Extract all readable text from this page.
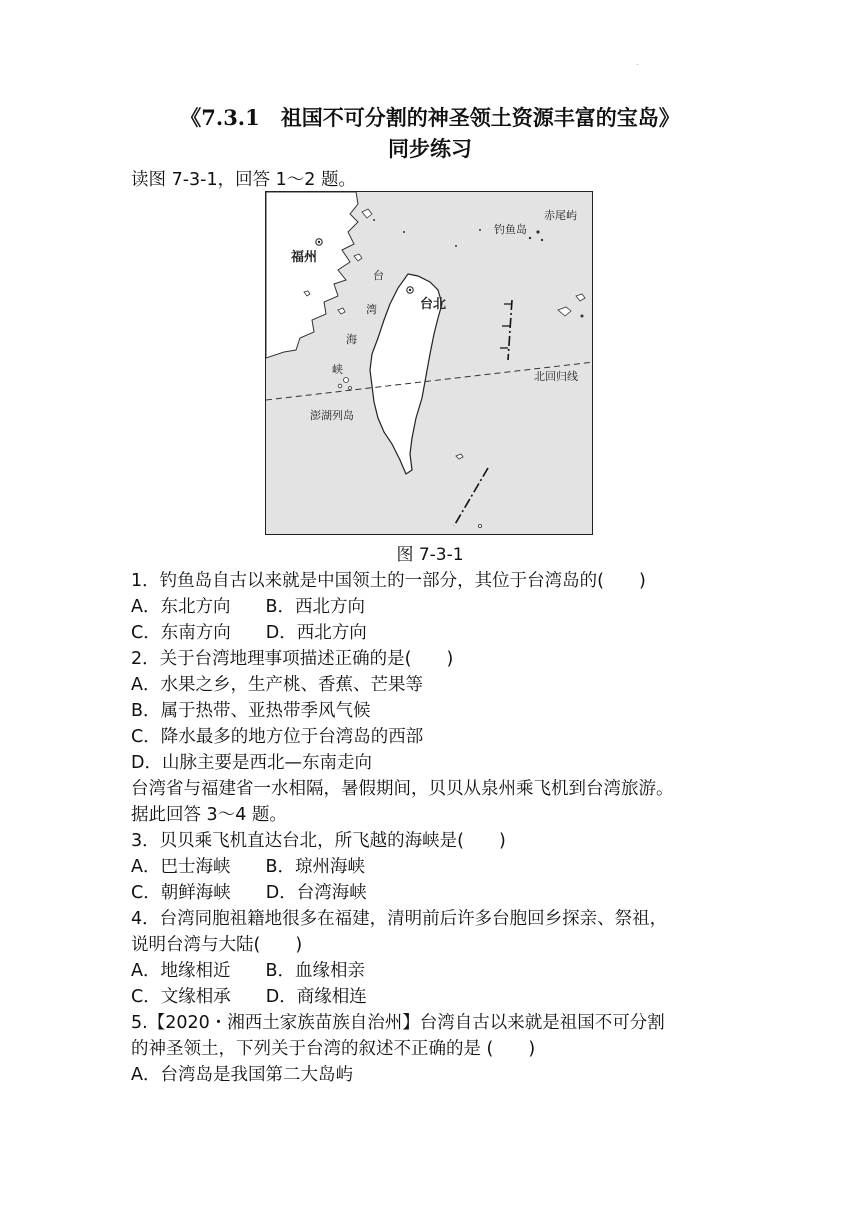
.
《7.3.1　祖国不可分割的神圣领土资源丰富的宝岛》
同步练习
读图 7-3-1，回答 1～2 题。
福州
台
湾
海
峡
澎湖列岛
台北
钓鱼岛
赤尾屿
北回归线
图 7-3-1
1．钓鱼岛自古以来就是中国领土的一部分，其位于台湾岛的(　　)
A．东北方向　　B．西北方向
C．东南方向　　D．西北方向
2．关于台湾地理事项描述正确的是(　　)
A．水果之乡，生产桃、香蕉、芒果等
B．属于热带、亚热带季风气候
C．降水最多的地方位于台湾岛的西部
D．山脉主要是西北—东南走向
台湾省与福建省一水相隔，暑假期间，贝贝从泉州乘飞机到台湾旅游。
据此回答 3～4 题。
3．贝贝乘飞机直达台北，所飞越的海峡是(　　)
A．巴士海峡　　B．琼州海峡
C．朝鲜海峡　　D．台湾海峡
4．台湾同胞祖籍地很多在福建，清明前后许多台胞回乡探亲、祭祖，
说明台湾与大陆(　　)
A．地缘相近　　B．血缘相亲
C．文缘相承　　D．商缘相连
5.【2020・湘西土家族苗族自治州】台湾自古以来就是祖国不可分割
的神圣领土，下列关于台湾的叙述不正确的是 (　　)
A．台湾岛是我国第二大岛屿
